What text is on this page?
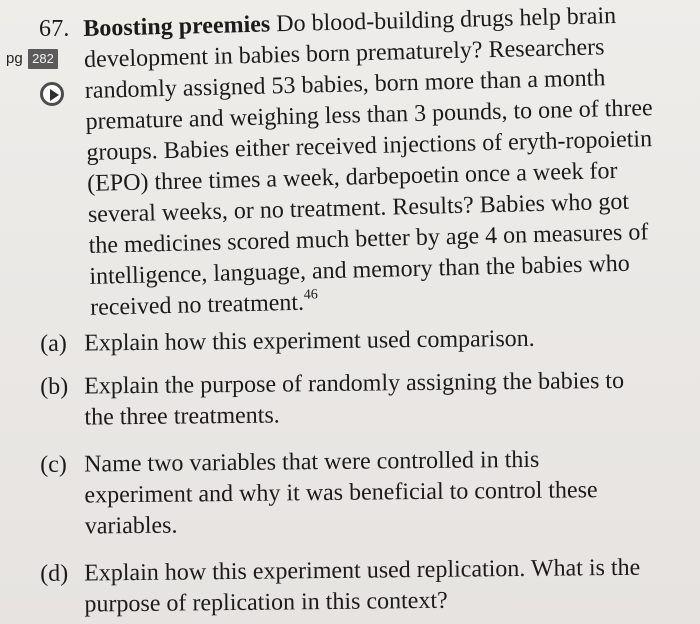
67.
pg 282
Boosting preemies Do blood-building drugs help brain development in babies born prematurely? Researchers randomly assigned 53 babies, born more than a month premature and weighing less than 3 pounds, to one of three groups. Babies either received injections of eryth-ropoietin (EPO) three times a week, darbepoetin once a week for several weeks, or no treatment. Results? Babies who got the medicines scored much better by age 4 on measures of intelligence, language, and memory than the babies who received no treatment.$^{46}$
(a) Explain how this experiment used comparison.
(b) Explain the purpose of randomly assigning the babies to the three treatments.
(c) Name two variables that were controlled in this experiment and why it was beneficial to control these variables.
(d) Explain how this experiment used replication. What is the purpose of replication in this context?
